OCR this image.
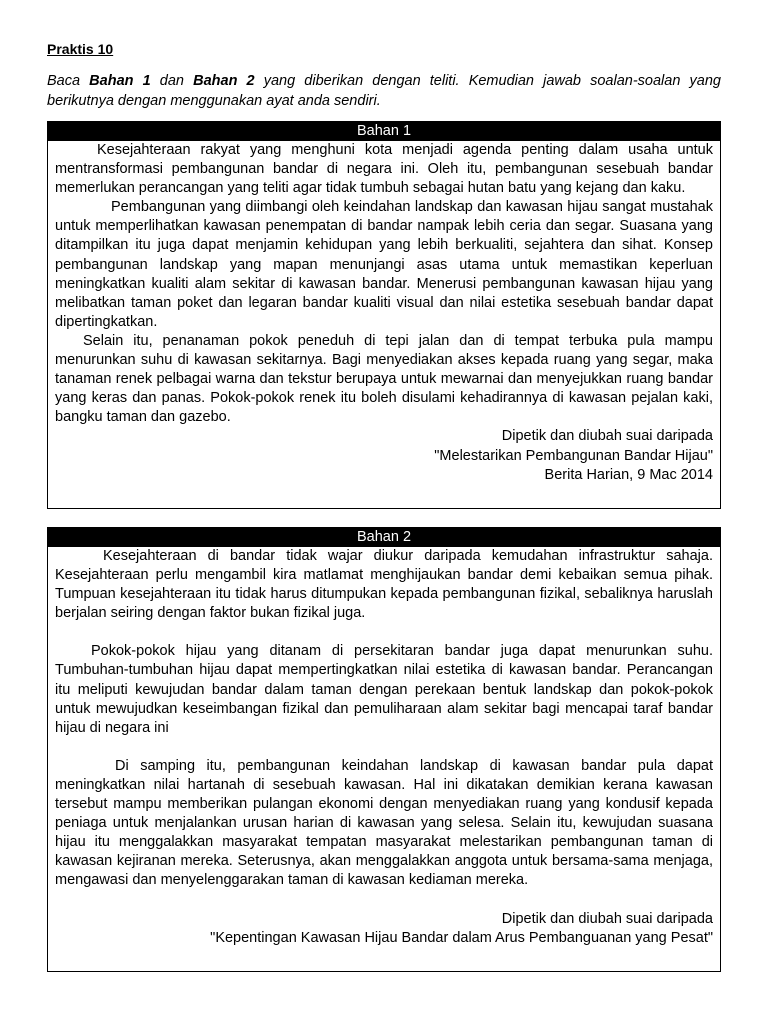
Praktis 10
Baca Bahan 1 dan Bahan 2 yang diberikan dengan teliti. Kemudian jawab soalan-soalan yang berikutnya dengan menggunakan ayat anda sendiri.
Bahan 1

Kesejahteraan rakyat yang menghuni kota menjadi agenda penting dalam usaha untuk mentransformasi pembangunan bandar di negara ini. Oleh itu, pembangunan sesebuah bandar memerlukan perancangan yang teliti agar tidak tumbuh sebagai hutan batu yang kejang dan kaku.

Pembangunan yang diimbangi oleh keindahan landskap dan kawasan hijau sangat mustahak untuk memperlihatkan kawasan penempatan di bandar nampak lebih ceria dan segar. Suasana yang ditampilkan itu juga dapat menjamin kehidupan yang lebih berkualiti, sejahtera dan sihat. Konsep pembangunan landskap yang mapan menunjangi asas utama untuk memastikan keperluan meningkatkan kualiti alam sekitar di kawasan bandar. Menerusi pembangunan kawasan hijau yang melibatkan taman poket dan legaran bandar kualiti visual dan nilai estetika sesebuah bandar dapat dipertingkatkan.

Selain itu, penanaman pokok peneduh di tepi jalan dan di tempat terbuka pula mampu menurunkan suhu di kawasan sekitarnya. Bagi menyediakan akses kepada ruang yang segar, maka tanaman renek pelbagai warna dan tekstur berupaya untuk mewarnai dan menyejukkan ruang bandar yang keras dan panas. Pokok-pokok renek itu boleh disulami kehadirannya di kawasan pejalan kaki, bangku taman dan gazebo.

Dipetik dan diubah suai daripada
"Melestarikan Pembangunan Bandar Hijau"
Berita Harian, 9 Mac 2014
Bahan 2

Kesejahteraan di bandar tidak wajar diukur daripada kemudahan infrastruktur sahaja. Kesejahteraan perlu mengambil kira matlamat menghijaukan bandar demi kebaikan semua pihak. Tumpuan kesejahteraan itu tidak harus ditumpukan kepada pembangunan fizikal, sebaliknya haruslah berjalan seiring dengan faktor bukan fizikal juga.

Pokok-pokok hijau yang ditanam di persekitaran bandar juga dapat menurunkan suhu. Tumbuhan-tumbuhan hijau dapat mempertingkatkan nilai estetika di kawasan bandar. Perancangan itu meliputi kewujudan bandar dalam taman dengan perekaan bentuk landskap dan pokok-pokok untuk mewujudkan keseimbangan fizikal dan pemuliharaan alam sekitar bagi mencapai taraf bandar hijau di negara ini

Di samping itu, pembangunan keindahan landskap di kawasan bandar pula dapat meningkatkan nilai hartanah di sesebuah kawasan. Hal ini dikatakan demikian kerana kawasan tersebut mampu memberikan pulangan ekonomi dengan menyediakan ruang yang kondusif kepada peniaga untuk menjalankan urusan harian di kawasan yang selesa. Selain itu, kewujudan suasana hijau itu menggalakkan masyarakat tempatan masyarakat melestarikan pembangunan taman di kawasan kejiranan mereka. Seterusnya, akan menggalakkan anggota untuk bersama-sama menjaga, mengawasi dan menyelenggarakan taman di kawasan kediaman mereka.

Dipetik dan diubah suai daripada
"Kepentingan Kawasan Hijau Bandar dalam Arus Pembanguanan yang Pesat"
